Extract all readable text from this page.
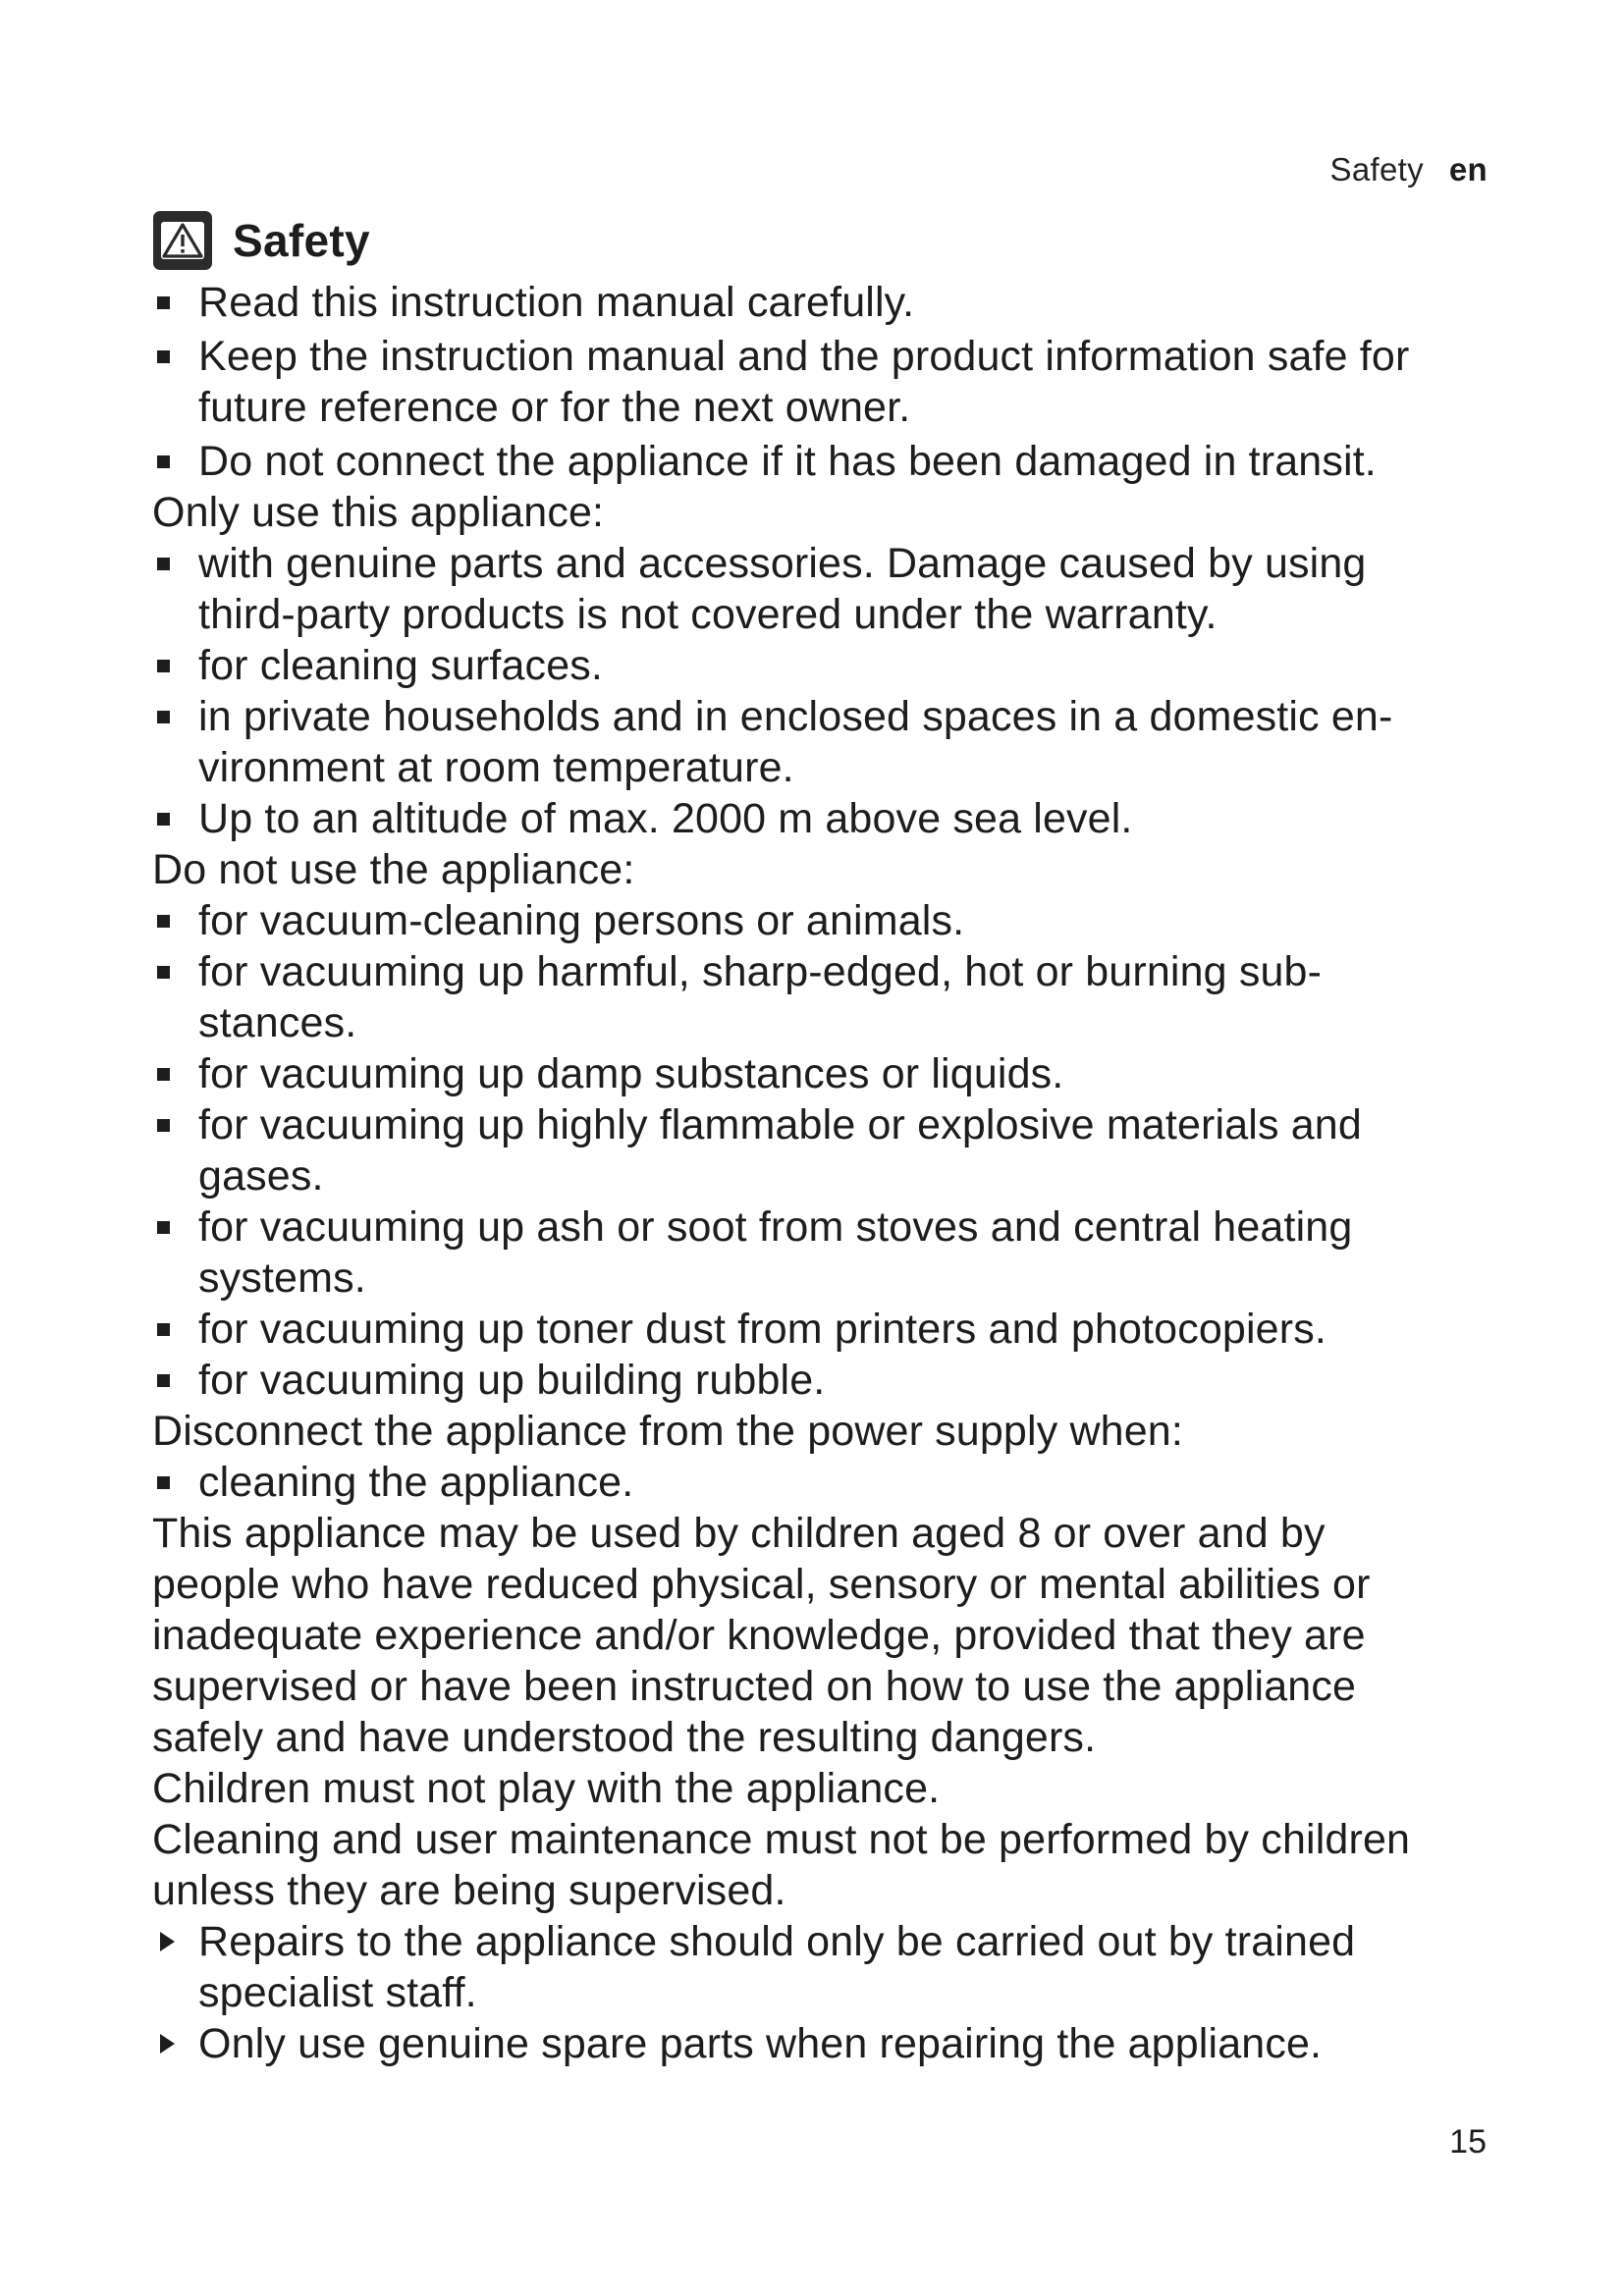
Safety en
Safety
Read this instruction manual carefully.
Keep the instruction manual and the product information safe for
future reference or for the next owner.
Do not connect the appliance if it has been damaged in transit.

Only use this appliance:

with genuine parts and accessories. Damage caused by using
third-party products is not covered under the warranty.
for cleaning surfaces.
in private households and in enclosed spaces in a domestic en-
vironment at room temperature.
Up to an altitude of max. 2000 m above sea level.

Do not use the appliance:

for vacuum-cleaning persons or animals.
for vacuuming up harmful, sharp-edged, hot or burning sub-
stances.
for vacuuming up damp substances or liquids.
for vacuuming up highly flammable or explosive materials and
gases.
for vacuuming up ash or soot from stoves and central heating
systems.
for vacuuming up toner dust from printers and photocopiers.
for vacuuming up building rubble.

Disconnect the appliance from the power supply when:

cleaning the appliance.
This appliance may be used by children aged 8 or over and by
people who have reduced physical, sensory or mental abilities or
inadequate experience and/or knowledge, provided that they are
supervised or have been instructed on how to use the appliance
safely and have understood the resulting dangers.

Children must not play with the appliance.

Cleaning and user maintenance must not be performed by children
unless they are being supervised.
Repairs to the appliance should only be carried out by trained
specialist staff.
Only use genuine spare parts when repairing the appliance.
15
